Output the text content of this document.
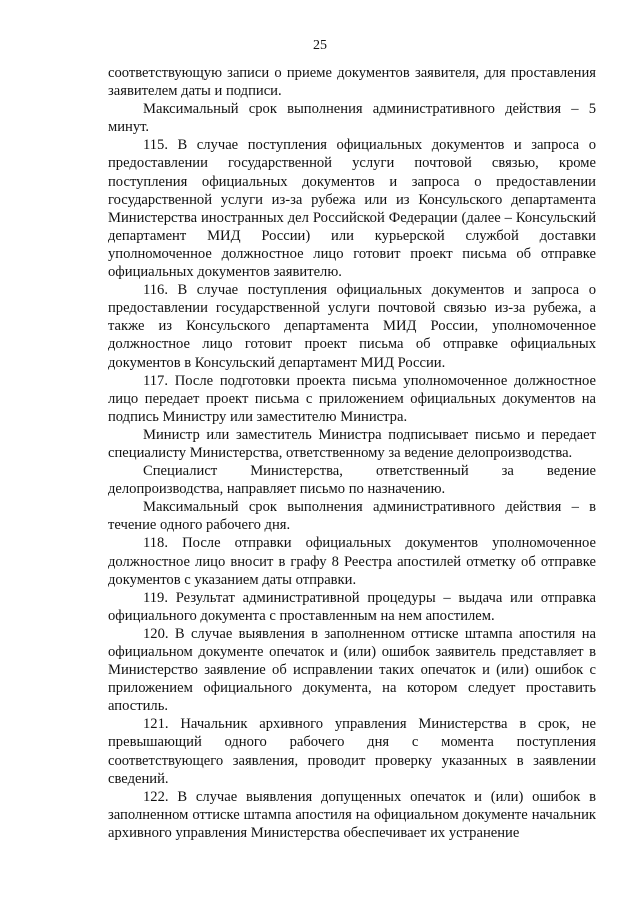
25

соответствующую записи о приеме документов заявителя, для проставления заявителем даты и подписи.

Максимальный срок выполнения административного действия – 5 минут.

115. В случае поступления официальных документов и запроса о предоставлении государственной услуги почтовой связью, кроме поступления официальных документов и запроса о предоставлении государственной услуги из-за рубежа или из Консульского департамента Министерства иностранных дел Российской Федерации (далее – Консульский департамент МИД России) или курьерской службой доставки уполномоченное должностное лицо готовит проект письма об отправке официальных документов заявителю.

116. В случае поступления официальных документов и запроса о предоставлении государственной услуги почтовой связью из-за рубежа, а также из Консульского департамента МИД России, уполномоченное должностное лицо готовит проект письма об отправке официальных документов в Консульский департамент МИД России.

117. После подготовки проекта письма уполномоченное должностное лицо передает проект письма с приложением официальных документов на подпись Министру или заместителю Министра.

Министр или заместитель Министра подписывает письмо и передает специалисту Министерства, ответственному за ведение делопроизводства.

Специалист Министерства, ответственный за ведение делопроизводства, направляет письмо по назначению.

Максимальный срок выполнения административного действия – в течение одного рабочего дня.

118. После отправки официальных документов уполномоченное должностное лицо вносит в графу 8 Реестра апостилей отметку об отправке документов с указанием даты отправки.

119. Результат административной процедуры – выдача или отправка официального документа с проставленным на нем апостилем.

120. В случае выявления в заполненном оттиске штампа апостиля на официальном документе опечаток и (или) ошибок заявитель представляет в Министерство заявление об исправлении таких опечаток и (или) ошибок с приложением официального документа, на котором следует проставить апостиль.

121. Начальник архивного управления Министерства в срок, не превышающий одного рабочего дня с момента поступления соответствующего заявления, проводит проверку указанных в заявлении сведений.

122. В случае выявления допущенных опечаток и (или) ошибок в заполненном оттиске штампа апостиля на официальном документе начальник архивного управления Министерства обеспечивает их устранение
